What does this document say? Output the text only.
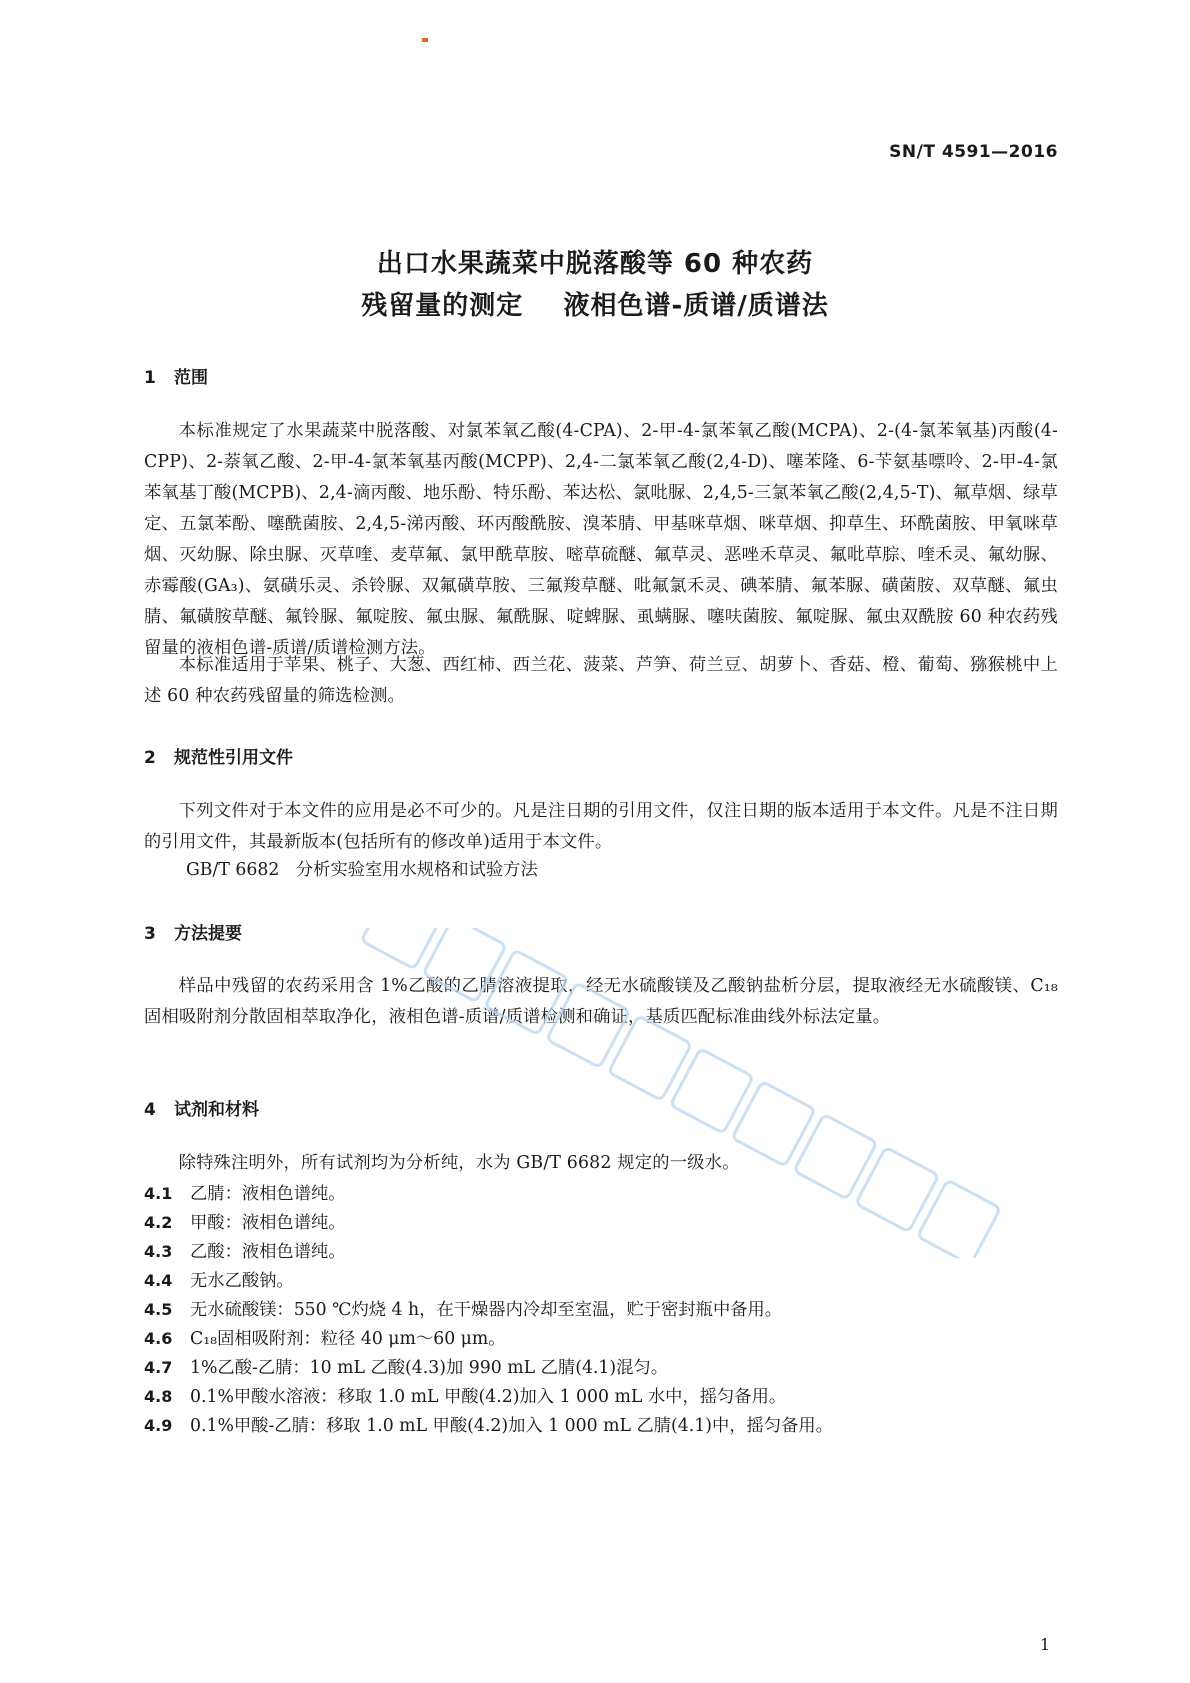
SN/T 4591—2016
出口水果蔬菜中脱落酸等 60 种农药
残留量的测定    液相色谱-质谱/质谱法
1 范围
本标准规定了水果蔬菜中脱落酸、对氯苯氧乙酸(4-CPA)、2-甲-4-氯苯氧乙酸(MCPA)、2-(4-氯苯氧基)丙酸(4-CPP)、2-萘氧乙酸、2-甲-4-氯苯氧基丙酸(MCPP)、2,4-二氯苯氧乙酸(2,4-D)、噻苯隆、6-苄氨基嘌呤、2-甲-4-氯苯氧基丁酸(MCPB)、2,4-滴丙酸、地乐酚、特乐酚、苯达松、氯吡脲、2,4,5-三氯苯氧乙酸(2,4,5-T)、氟草烟、绿草定、五氯苯酚、噻酰菌胺、2,4,5-涕丙酸、环丙酸酰胺、溴苯腈、甲基咪草烟、咪草烟、抑草生、环酰菌胺、甲氧咪草烟、灭幼脲、除虫脲、灭草喹、麦草氟、氯甲酰草胺、嘧草硫醚、氟草灵、恶唑禾草灵、氟吡草腙、喹禾灵、氟幼脲、赤霉酸(GA₃)、氨磺乐灵、杀铃脲、双氟磺草胺、三氟羧草醚、吡氟氯禾灵、碘苯腈、氟苯脲、磺菌胺、双草醚、氟虫腈、氟磺胺草醚、氟铃脲、氟啶胺、氟虫脲、氟酰脲、啶蜱脲、虱螨脲、噻呋菌胺、氟啶脲、氟虫双酰胺 60 种农药残留量的液相色谱-质谱/质谱检测方法。
本标准适用于苹果、桃子、大葱、西红柿、西兰花、菠菜、芦笋、荷兰豆、胡萝卜、香菇、橙、葡萄、猕猴桃中上述 60 种农药残留量的筛选检测。
2 规范性引用文件
下列文件对于本文件的应用是必不可少的。凡是注日期的引用文件，仅注日期的版本适用于本文件。凡是不注日期的引用文件，其最新版本(包括所有的修改单)适用于本文件。
GB/T 6682   分析实验室用水规格和试验方法
3 方法提要
样品中残留的农药采用含 1%乙酸的乙腈溶液提取，经无水硫酸镁及乙酸钠盐析分层，提取液经无水硫酸镁、C₁₈固相吸附剂分散固相萃取净化，液相色谱-质谱/质谱检测和确证，基质匹配标准曲线外标法定量。
4 试剂和材料
除特殊注明外，所有试剂均为分析纯，水为 GB/T 6682 规定的一级水。
4.1 乙腈：液相色谱纯。
4.2 甲酸：液相色谱纯。
4.3 乙酸：液相色谱纯。
4.4 无水乙酸钠。
4.5 无水硫酸镁：550 ℃灼烧 4 h，在干燥器内冷却至室温，贮于密封瓶中备用。
4.6 C₁₈固相吸附剂：粒径 40 μm～60 μm。
4.7 1%乙酸-乙腈：10 mL 乙酸(4.3)加 990 mL 乙腈(4.1)混匀。
4.8 0.1%甲酸水溶液：移取 1.0 mL 甲酸(4.2)加入 1 000 mL 水中，摇匀备用。
4.9 0.1%甲酸-乙腈：移取 1.0 mL 甲酸(4.2)加入 1 000 mL 乙腈(4.1)中，摇匀备用。
1
